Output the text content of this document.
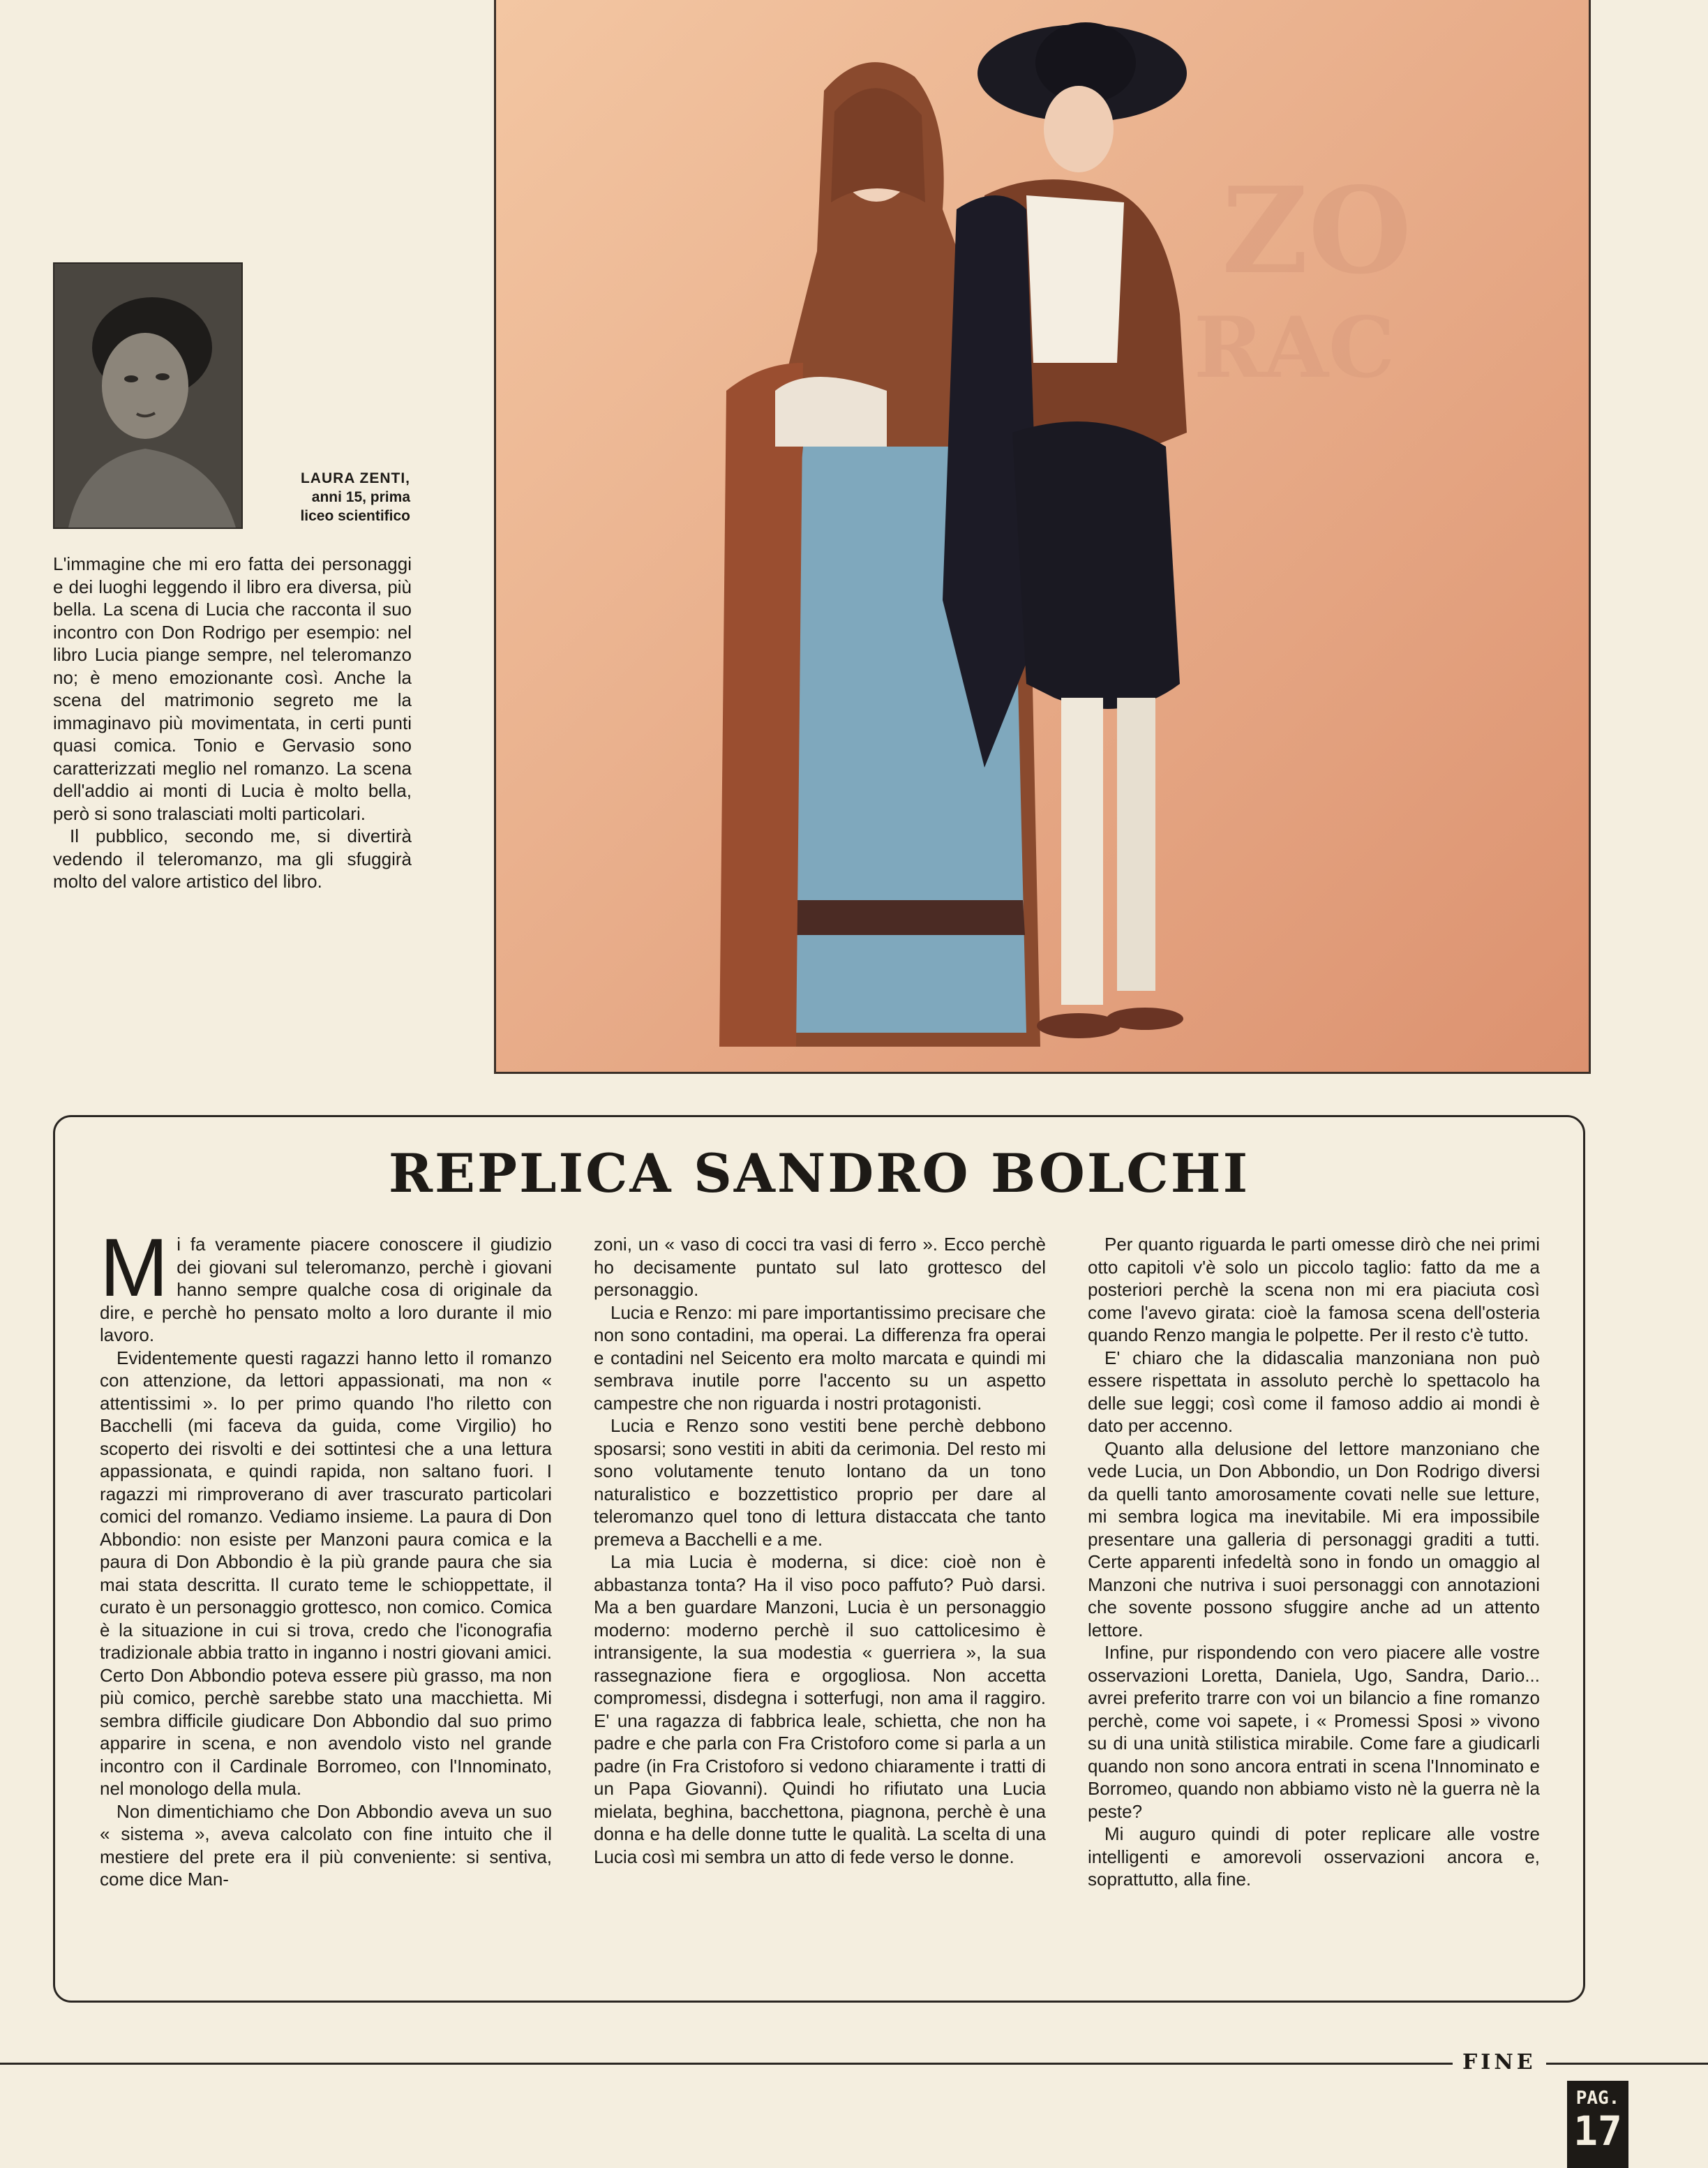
LAURA ZENTI,
anni 15, prima
liceo scientifico

L'immagine che mi ero fatta dei personaggi e dei luoghi leggendo il libro era diversa, più bella. La scena di Lucia che racconta il suo incontro con Don Rodrigo per esempio: nel libro Lucia piange sempre, nel teleromanzo no; è meno emozionante così. Anche la scena del matrimonio segreto me la immaginavo più movimentata, in certi punti quasi comica. Tonio e Gervasio sono caratterizzati meglio nel romanzo. La scena dell'addio ai monti di Lucia è molto bella, però si sono tralasciati molti particolari.

Il pubblico, secondo me, si divertirà vedendo il teleromanzo, ma gli sfuggirà molto del valore artistico del libro.

ZO
RAC
REPLICA SANDRO BOLCHI

Mi fa veramente piacere conoscere il giudizio dei giovani sul teleromanzo, perchè i giovani hanno sempre qualche cosa di originale da dire, e perchè ho pensato molto a loro durante il mio lavoro.

Evidentemente questi ragazzi hanno letto il romanzo con attenzione, da lettori appassionati, ma non « attentissimi ». Io per primo quando l'ho riletto con Bacchelli (mi faceva da guida, come Virgilio) ho scoperto dei risvolti e dei sottintesi che a una lettura appassionata, e quindi rapida, non saltano fuori. I ragazzi mi rimproverano di aver trascurato particolari comici del romanzo. Vediamo insieme. La paura di Don Abbondio: non esiste per Manzoni paura comica e la paura di Don Abbondio è la più grande paura che sia mai stata descritta. Il curato teme le schioppettate, il curato è un personaggio grottesco, non comico. Comica è la situazione in cui si trova, credo che l'iconografia tradizionale abbia tratto in inganno i nostri giovani amici. Certo Don Abbondio poteva essere più grasso, ma non più comico, perchè sarebbe stato una macchietta. Mi sembra difficile giudicare Don Abbondio dal suo primo apparire in scena, e non avendolo visto nel grande incontro con il Cardinale Borromeo, con l'Innominato, nel monologo della mula.

Non dimentichiamo che Don Abbondio aveva un suo « sistema », aveva calcolato con fine intuito che il mestiere del prete era il più conveniente: si sentiva, come dice Man-

zoni, un « vaso di cocci tra vasi di ferro ». Ecco perchè ho decisamente puntato sul lato grottesco del personaggio.

Lucia e Renzo: mi pare importantissimo precisare che non sono contadini, ma operai. La differenza fra operai e contadini nel Seicento era molto marcata e quindi mi sembrava inutile porre l'accento su un aspetto campestre che non riguarda i nostri protagonisti.

Lucia e Renzo sono vestiti bene perchè debbono sposarsi; sono vestiti in abiti da cerimonia. Del resto mi sono volutamente tenuto lontano da un tono naturalistico e bozzettistico proprio per dare al teleromanzo quel tono di lettura distaccata che tanto premeva a Bacchelli e a me.

La mia Lucia è moderna, si dice: cioè non è abbastanza tonta? Ha il viso poco paffuto? Può darsi. Ma a ben guardare Manzoni, Lucia è un personaggio moderno: moderno perchè il suo cattolicesimo è intransigente, la sua modestia « guerriera », la sua rassegnazione fiera e orgogliosa. Non accetta compromessi, disdegna i sotterfugi, non ama il raggiro. E' una ragazza di fabbrica leale, schietta, che non ha padre e che parla con Fra Cristoforo come si parla a un padre (in Fra Cristoforo si vedono chiaramente i tratti di un Papa Giovanni). Quindi ho rifiutato una Lucia mielata, beghina, bacchettona, piagnona, perchè è una donna e ha delle donne tutte le qualità. La scelta di una Lucia così mi sembra un atto di fede verso le donne.

Per quanto riguarda le parti omesse dirò che nei primi otto capitoli v'è solo un piccolo taglio: fatto da me a posteriori perchè la scena non mi era piaciuta così come l'avevo girata: cioè la famosa scena dell'osteria quando Renzo mangia le polpette. Per il resto c'è tutto.

E' chiaro che la didascalia manzoniana non può essere rispettata in assoluto perchè lo spettacolo ha delle sue leggi; così come il famoso addio ai mondi è dato per accenno.

Quanto alla delusione del lettore manzoniano che vede Lucia, un Don Abbondio, un Don Rodrigo diversi da quelli tanto amorosamente covati nelle sue letture, mi sembra logica ma inevitabile. Mi era impossibile presentare una galleria di personaggi graditi a tutti. Certe apparenti infedeltà sono in fondo un omaggio al Manzoni che nutriva i suoi personaggi con annotazioni che sovente possono sfuggire anche ad un attento lettore.

Infine, pur rispondendo con vero piacere alle vostre osservazioni Loretta, Daniela, Ugo, Sandra, Dario... avrei preferito trarre con voi un bilancio a fine romanzo perchè, come voi sapete, i « Promessi Sposi » vivono su di una unità stilistica mirabile. Come fare a giudicarli quando non sono ancora entrati in scena l'Innominato e Borromeo, quando non abbiamo visto nè la guerra nè la peste?

Mi auguro quindi di poter replicare alle vostre intelligenti e amorevoli osservazioni ancora e, soprattutto, alla fine.

FINE
PAG.
17
